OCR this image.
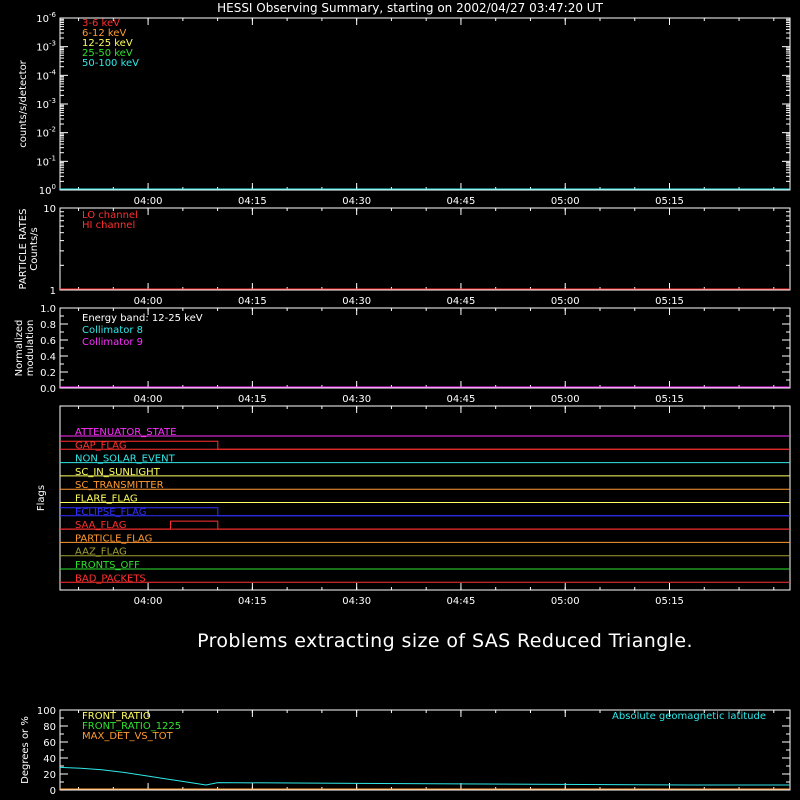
HESSI Observing Summary, starting on 2002/04/27 03:47:20 UT
04:00	04:15	04:30	04:45	05:00	05:15
$10^0$
$10^{-1}$
$10^{-2}$
$10^{-3}$
$10^{-4}$
$10^{-3}$
$10^{-6}$
counts/s/detector
3-6 keV
6-12 keV
12-25 keV
25-50 keV
50-100 keV
04:00	04:15	04:30	04:45	05:00	05:15
1
10
PARTICLE RATES Counts/s
LO channel
HI channel
04:00	04:15	04:30	04:45	05:00	05:15
0.0
0.2
0.4
0.6
0.8
1.0
Normalized modulation
Energy band: 12-25 keV
Collimator 8
Collimator 9
04:00	04:15	04:30	04:45	05:00	05:15
Flags
ATTENUATOR_STATE
GAP_FLAG
NON_SOLAR_EVENT
SC_IN_SUNLIGHT
SC_TRANSMITTER
FLARE_FLAG
ECLIPSE_FLAG
SAA_FLAG
PARTICLE_FLAG
AAZ_FLAG
FRONTS_OFF
BAD_PACKETS
0
20
40
60
80
100
Degrees or %	FRONT_RATIO
FRONT_RATIO_1225
MAX_DET_VS_TOT
Absolute geomagnetic latitude
Problems extracting size of SAS Reduced Triangle.
